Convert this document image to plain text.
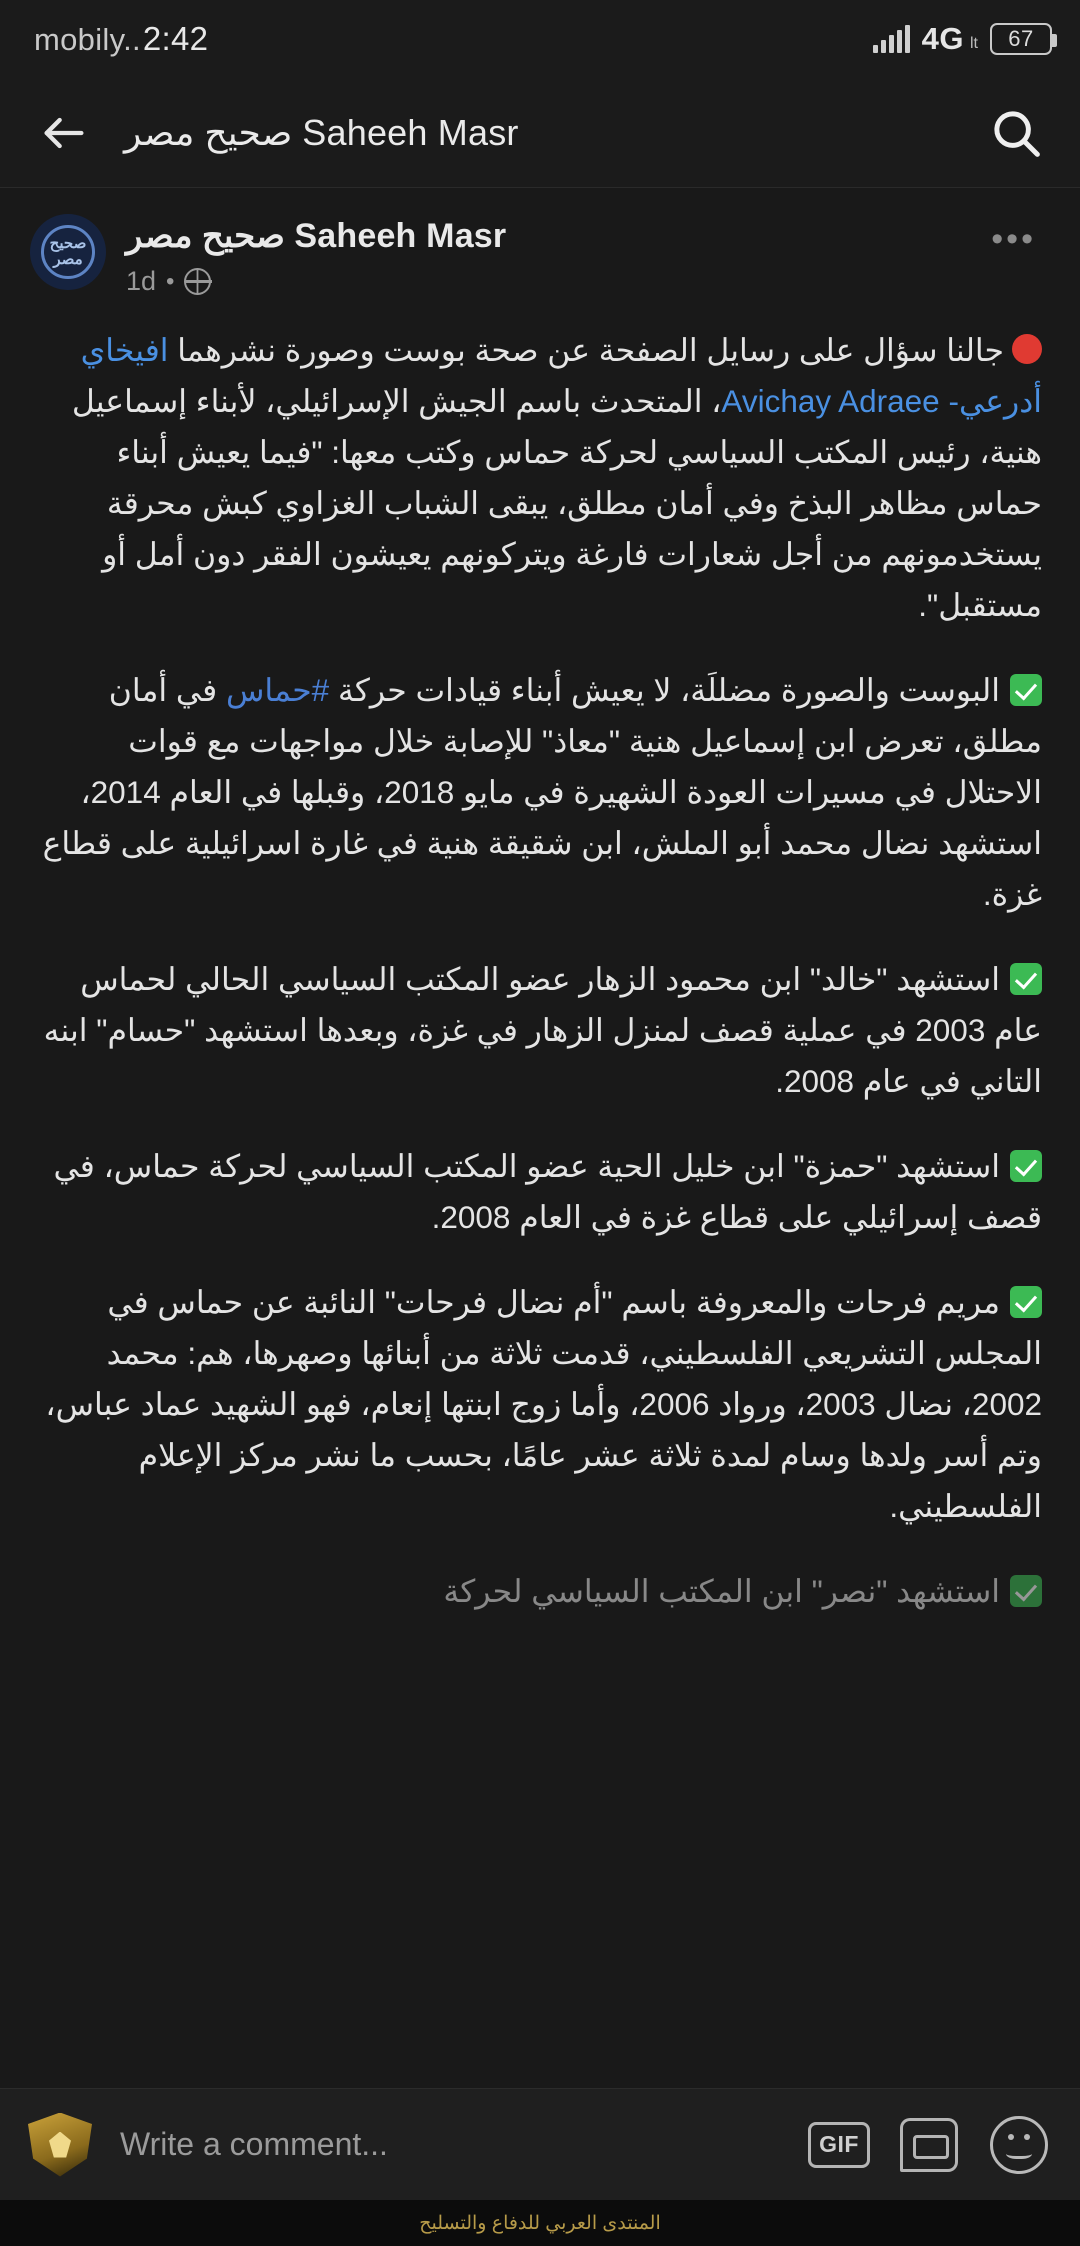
mobily.. 2:42	4G lt 67
صحيح مصر Saheeh Masr
صحيح مصر
صحيح مصر Saheeh Masr
1d •
•••

جالنا سؤال على رسايل الصفحة عن صحة بوست وصورة نشرهما افيخاي أدرعي- Avichay Adraee، المتحدث باسم الجيش الإسرائيلي، لأبناء إسماعيل هنية، رئيس المكتب السياسي لحركة حماس وكتب معها: "فيما يعيش أبناء حماس مظاهر البذخ وفي أمان مطلق، يبقى الشباب الغزاوي كبش محرقة يستخدمونهم من أجل شعارات فارغة ويتركونهم يعيشون الفقر دون أمل أو مستقبل".

البوست والصورة مضللَة، لا يعيش أبناء قيادات حركة #حماس في أمان مطلق، تعرض ابن إسماعيل هنية "معاذ" للإصابة خلال مواجهات مع قوات الاحتلال في مسيرات العودة الشهيرة في مايو 2018، وقبلها في العام 2014، استشهد نضال محمد أبو الملش، ابن شقيقة هنية في غارة اسرائيلية على قطاع غزة.

استشهد "خالد" ابن محمود الزهار عضو المكتب السياسي الحالي لحماس عام 2003 في عملية قصف لمنزل الزهار في غزة، وبعدها استشهد "حسام" ابنه التاني في عام 2008.

استشهد "حمزة" ابن خليل الحية عضو المكتب السياسي لحركة حماس، في قصف إسرائيلي على قطاع غزة في العام 2008.

مريم فرحات والمعروفة باسم "أم نضال فرحات" النائبة عن حماس في المجلس التشريعي الفلسطيني، قدمت ثلاثة من أبنائها وصهرها، هم: محمد 2002، نضال 2003، ورواد 2006، وأما زوج ابنتها إنعام، فهو الشهيد عماد عباس، وتم أسر ولدها وسام لمدة ثلاثة عشر عامًا، بحسب ما نشر مركز الإعلام الفلسطيني.

استشهد "نصر" ابن المكتب السياسي لحركة

Write a comment...	GIF
المنتدى العربي للدفاع والتسليح
